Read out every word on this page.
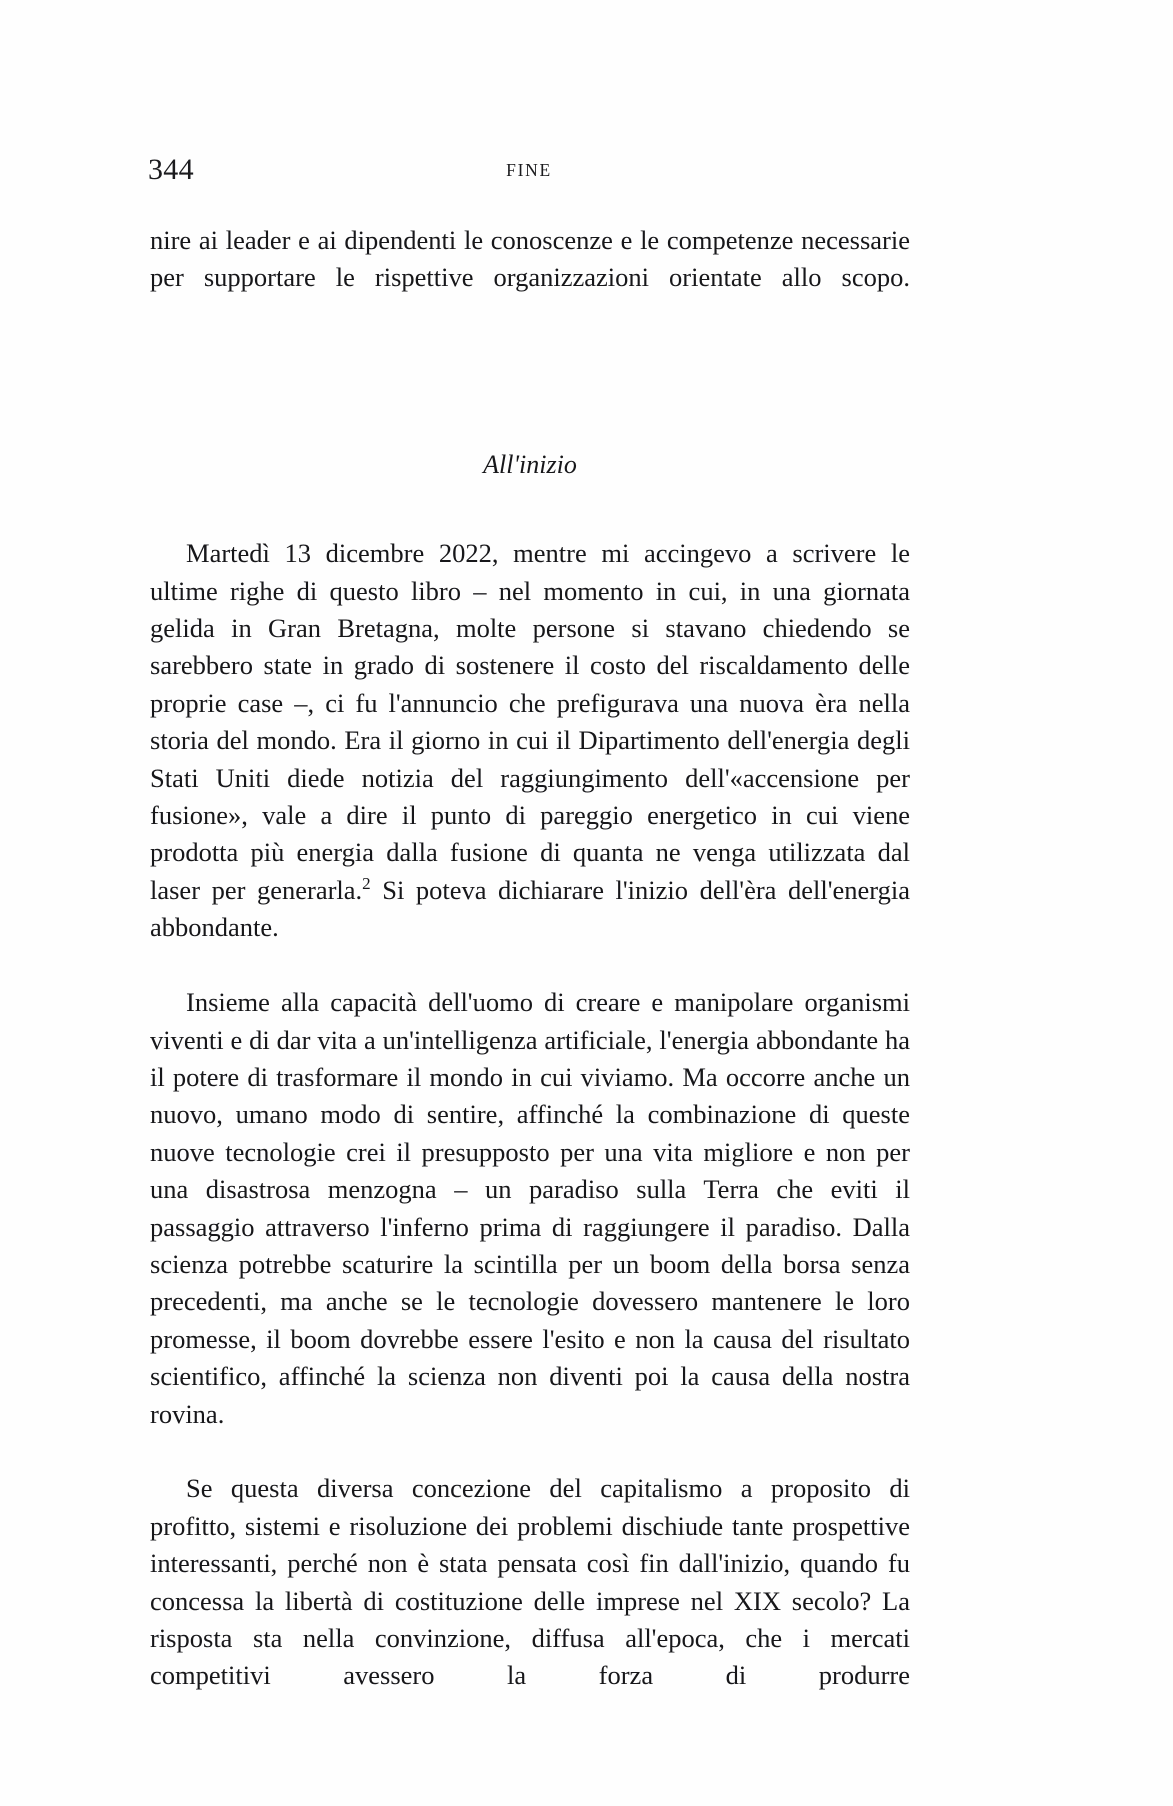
344	FINE

nire ai leader e ai dipendenti le conoscenze e le competenze necessarie per supportare le rispettive organizzazioni orientate allo scopo.

All'inizio

Martedì 13 dicembre 2022, mentre mi accingevo a scrivere le ultime righe di questo libro – nel momento in cui, in una giornata gelida in Gran Bretagna, molte persone si stavano chiedendo se sarebbero state in grado di sostenere il costo del riscaldamento delle proprie case –, ci fu l'annuncio che prefigurava una nuova èra nella storia del mondo. Era il giorno in cui il Dipartimento dell'energia degli Stati Uniti diede notizia del raggiungimento dell'«accensione per fusione», vale a dire il punto di pareggio energetico in cui viene prodotta più energia dalla fusione di quanta ne venga utilizzata dal laser per generarla.$^2$ Si poteva dichiarare l'inizio dell'èra dell'energia abbondante.

Insieme alla capacità dell'uomo di creare e manipolare organismi viventi e di dar vita a un'intelligenza artificiale, l'energia abbondante ha il potere di trasformare il mondo in cui viviamo. Ma occorre anche un nuovo, umano modo di sentire, affinché la combinazione di queste nuove tecnologie crei il presupposto per una vita migliore e non per una disastrosa menzogna – un paradiso sulla Terra che eviti il passaggio attraverso l'inferno prima di raggiungere il paradiso. Dalla scienza potrebbe scaturire la scintilla per un boom della borsa senza precedenti, ma anche se le tecnologie dovessero mantenere le loro promesse, il boom dovrebbe essere l'esito e non la causa del risultato scientifico, affinché la scienza non diventi poi la causa della nostra rovina.

Se questa diversa concezione del capitalismo a proposito di profitto, sistemi e risoluzione dei problemi dischiude tante prospettive interessanti, perché non è stata pensata così fin dall'inizio, quando fu concessa la libertà di costituzione delle imprese nel XIX secolo? La risposta sta nella convinzione, diffusa all'epoca, che i mercati competitivi avessero la forza di produrre
